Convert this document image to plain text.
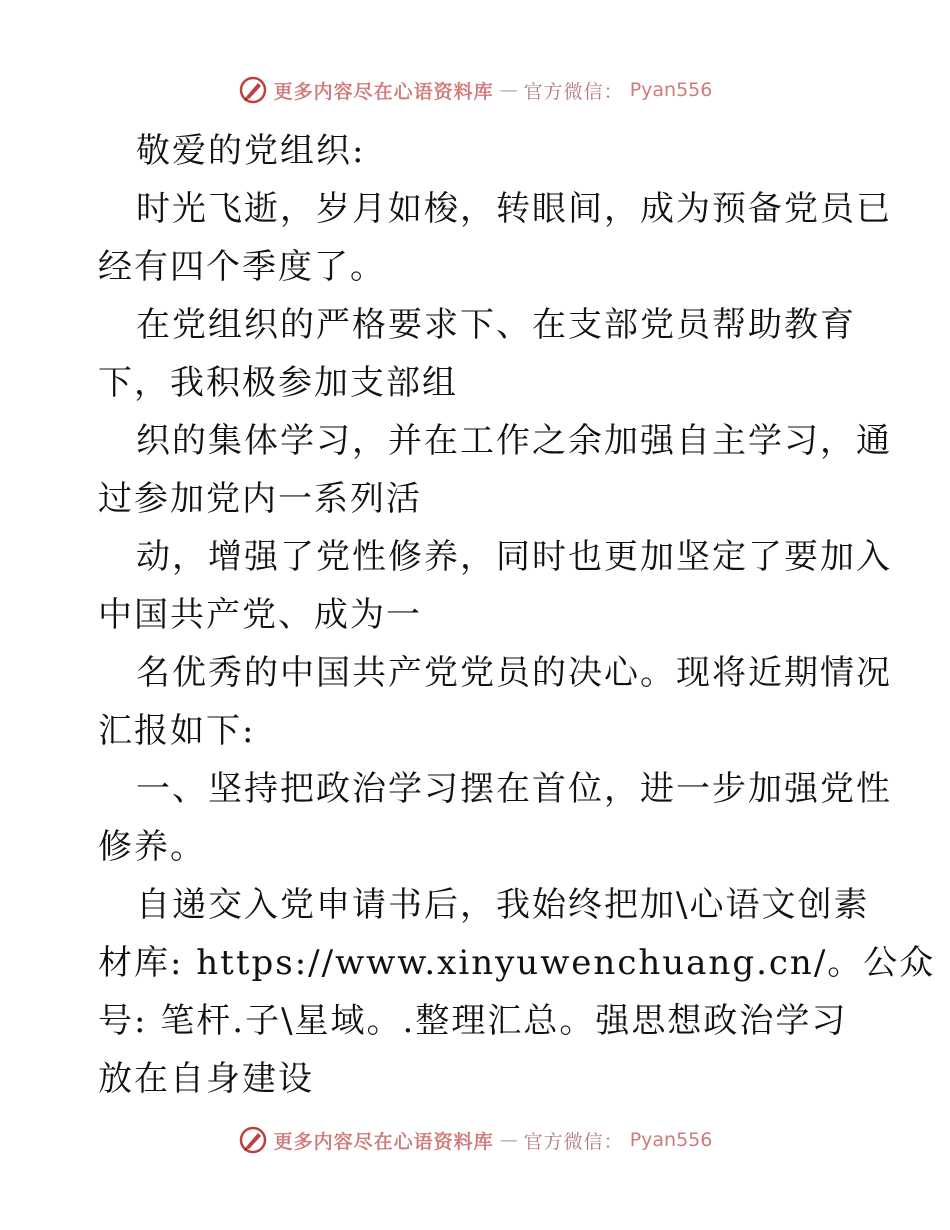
更多内容尽在心语资料库 — 官方微信： Pyan556
敬爱的党组织:
时光飞逝，岁月如梭，转眼间，成为预备党员已
经有四个季度了。
在党组织的严格要求下、在支部党员帮助教育
下，我积极参加支部组
织的集体学习，并在工作之余加强自主学习，通
过参加党内一系列活
动，增强了党性修养，同时也更加坚定了要加入
中国共产党、成为一
名优秀的中国共产党党员的决心。现将近期情况
汇报如下:
一、坚持把政治学习摆在首位，进一步加强党性
修养。
自递交入党申请书后，我始终把加\心语文创素
材库: https://www.xinyuwenchuang.cn/。公众
号: 笔杆.子\星域。.整理汇总。强思想政治学习
放在自身建设
更多内容尽在心语资料库 — 官方微信： Pyan556
